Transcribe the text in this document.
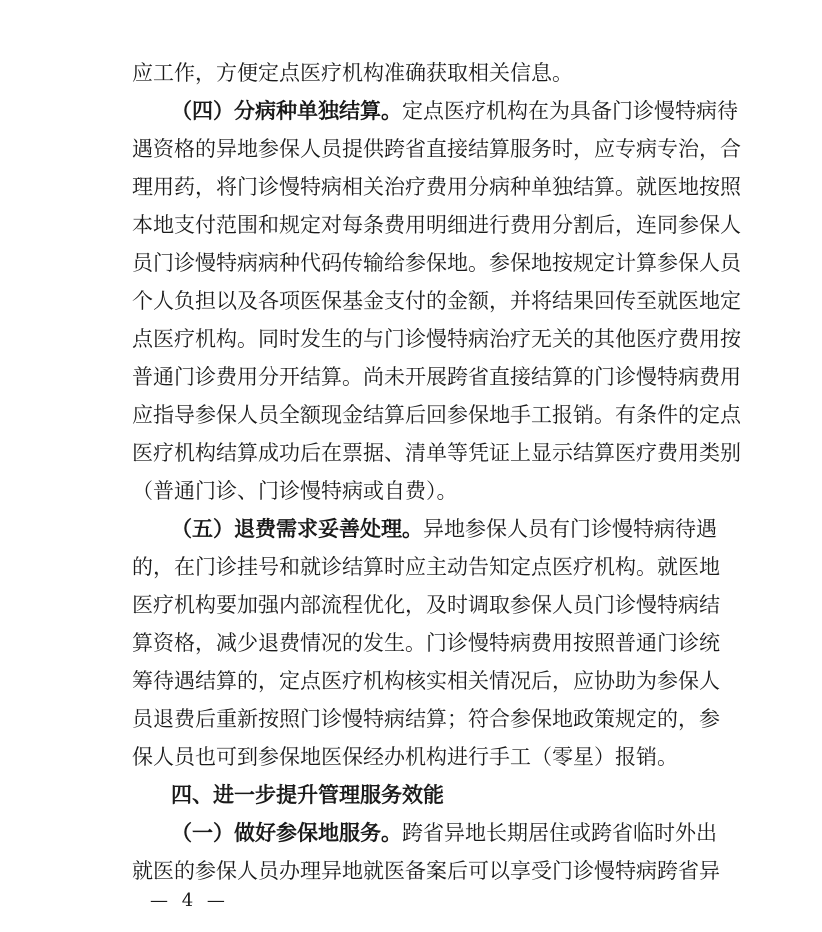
应工作，方便定点医疗机构准确获取相关信息。
（四）分病种单独结算。定点医疗机构在为具备门诊慢特病待
遇资格的异地参保人员提供跨省直接结算服务时，应专病专治，合
理用药，将门诊慢特病相关治疗费用分病种单独结算。就医地按照
本地支付范围和规定对每条费用明细进行费用分割后，连同参保人
员门诊慢特病病种代码传输给参保地。参保地按规定计算参保人员
个人负担以及各项医保基金支付的金额，并将结果回传至就医地定
点医疗机构。同时发生的与门诊慢特病治疗无关的其他医疗费用按
普通门诊费用分开结算。尚未开展跨省直接结算的门诊慢特病费用
应指导参保人员全额现金结算后回参保地手工报销。有条件的定点
医疗机构结算成功后在票据、清单等凭证上显示结算医疗费用类别
（普通门诊、门诊慢特病或自费）。
（五）退费需求妥善处理。异地参保人员有门诊慢特病待遇
的，在门诊挂号和就诊结算时应主动告知定点医疗机构。就医地
医疗机构要加强内部流程优化，及时调取参保人员门诊慢特病结
算资格，减少退费情况的发生。门诊慢特病费用按照普通门诊统
筹待遇结算的，定点医疗机构核实相关情况后，应协助为参保人
员退费后重新按照门诊慢特病结算；符合参保地政策规定的，参
保人员也可到参保地医保经办机构进行手工（零星）报销。
四、进一步提升管理服务效能
（一）做好参保地服务。跨省异地长期居住或跨省临时外出
就医的参保人员办理异地就医备案后可以享受门诊慢特病跨省异
— 4 —
